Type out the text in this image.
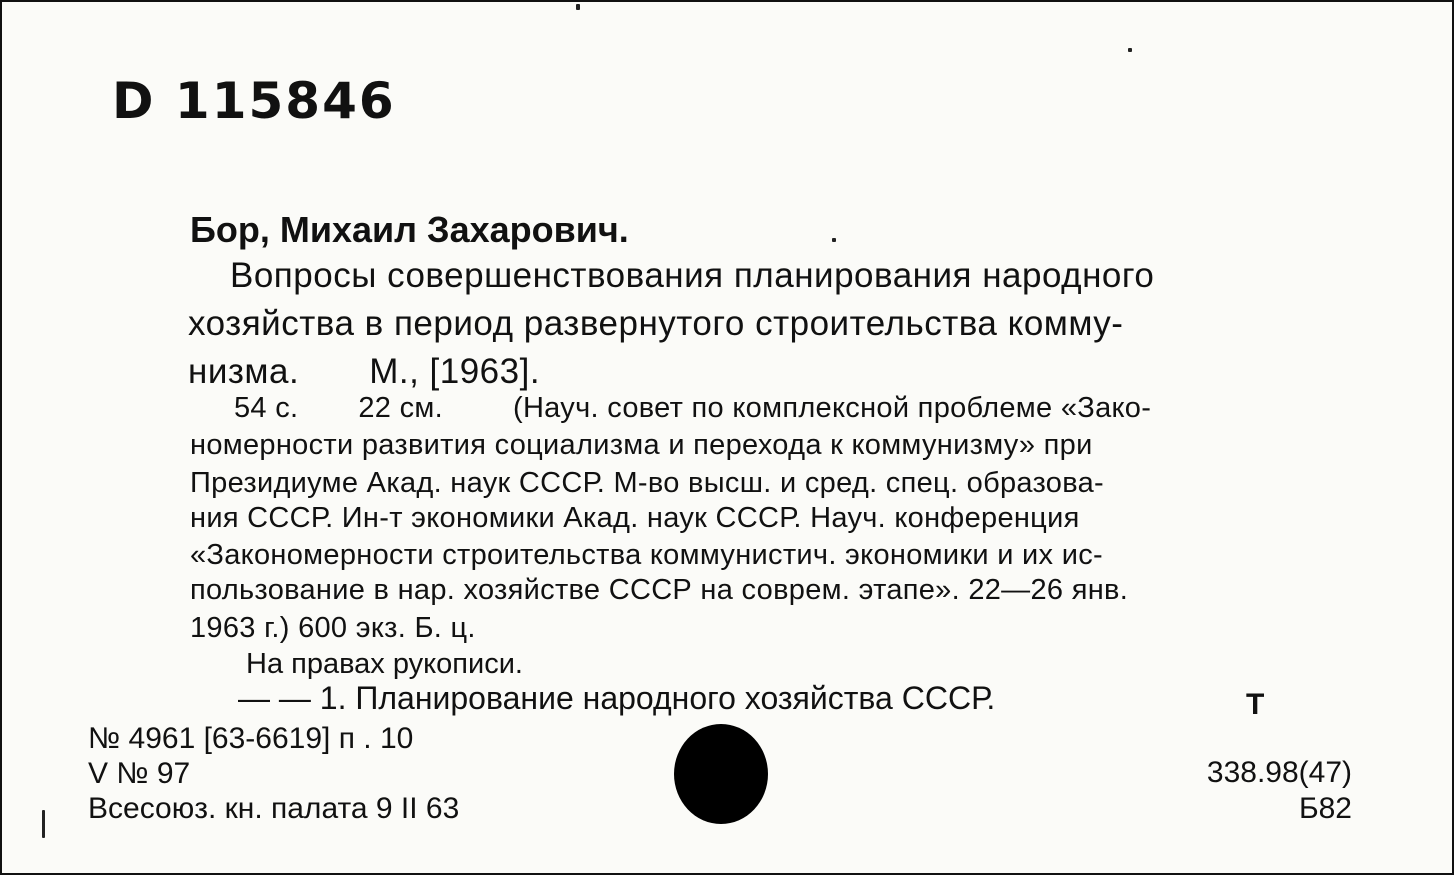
D 115846
Бор, Михаил Захарович.
Вопросы совершенствования планирования народного
хозяйства в период развернутого строительства комму-
низма. М., [1963].
54 с. 22 см. (Науч. совет по комплексной проблеме «Зако-
номерности развития социализма и перехода к коммунизму» при
Президиуме Акад. наук СССР. М-во высш. и сред. спец. образова-
ния СССР. Ин-т экономики Акад. наук СССР. Науч. конференция
«Закономерности строительства коммунистич. экономики и их ис-
пользование в нар. хозяйстве СССР на соврем. этапе». 22—26 янв.
1963 г.) 600 экз. Б. ц.
На правах рукописи.
— — 1. Планирование народного хозяйства СССР.	Т
№ 4961 [63-6619] п . 10
V № 97
Всесоюз. кн. палата 9 II 63
338.98(47)
Б82
